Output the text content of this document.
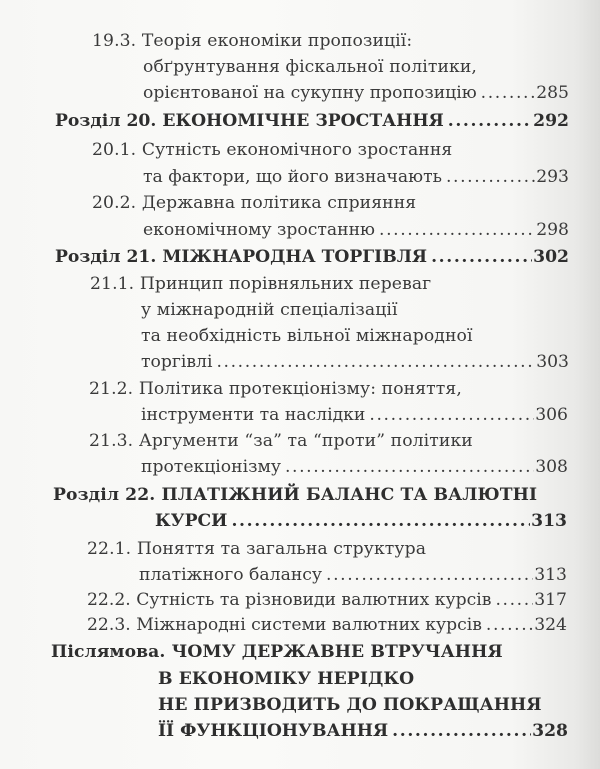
19.3. Теорія економіки пропозиції:
обґрунтування фіскальної політики,
орієнтованої на сукупну пропозицію .....	285
Розділ 20. ЕКОНОМІЧНЕ ЗРОСТАННЯ .....	292
20.1. Сутність економічного зростання
та фактори, що його визначають .....	293
20.2. Державна політика сприяння
економічному зростанню .....	298
Розділ 21. МІЖНАРОДНА ТОРГІВЛЯ .....	302
21.1. Принцип порівняльних переваг
у міжнародній спеціалізації
та необхідність вільної міжнародної
торгівлі .....	303
21.2. Політика протекціонізму: поняття,
інструменти та наслідки .....	306
21.3. Аргументи “за” та “проти” політики
протекціонізму .....	308
Розділ 22. ПЛАТІЖНИЙ БАЛАНС ТА ВАЛЮТНІ
КУРСИ .....	313
22.1. Поняття та загальна структура
платіжного балансу .....	313
22.2. Сутність та різновиди валютних курсів ..... 317
22.3. Міжнародні системи валютних курсів .....	324
Післямова. ЧОМУ ДЕРЖАВНЕ ВТРУЧАННЯ
В ЕКОНОМІКУ НЕРІДКО
НЕ ПРИЗВОДИТЬ ДО ПОКРАЩАННЯ
ЇЇ ФУНКЦІОНУВАННЯ .....	328
